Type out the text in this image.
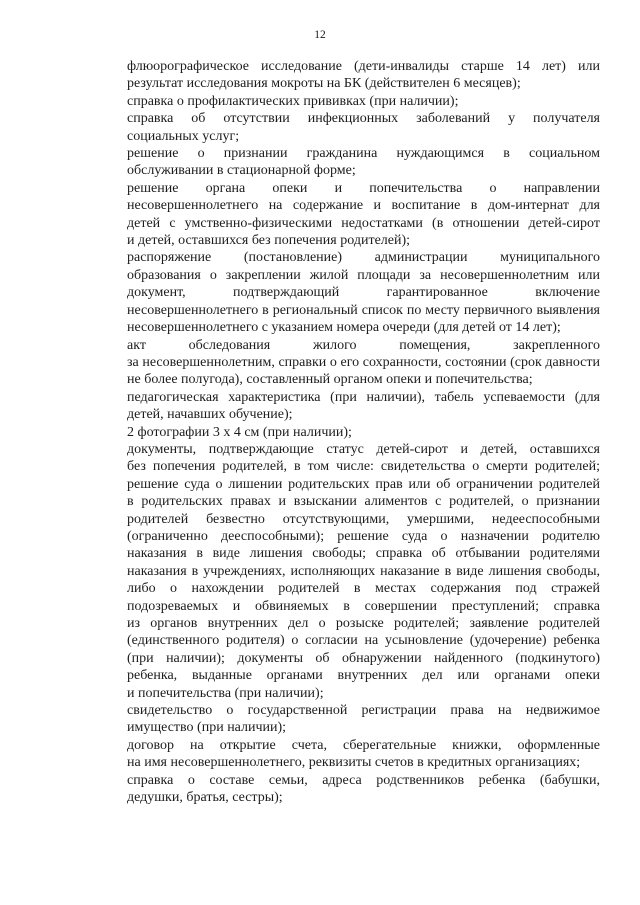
12

флюорографическое исследование (дети-инвалиды старше 14 лет) или
результат исследования мокроты на БК (действителен 6 месяцев);

справка о профилактических прививках (при наличии);

справка об отсутствии инфекционных заболеваний у получателя
социальных услуг;

решение о признании гражданина нуждающимся в социальном
обслуживании в стационарной форме;

решение органа опеки и попечительства о направлении
несовершеннолетнего на содержание и воспитание в дом-интернат для
детей с умственно-физическими недостатками (в отношении детей-сирот
и детей, оставшихся без попечения родителей);

распоряжение (постановление) администрации муниципального
образования о закреплении жилой площади за несовершеннолетним или
документ, подтверждающий гарантированное включение
несовершеннолетнего в региональный список по месту первичного выявления
несовершеннолетнего с указанием номера очереди (для детей от 14 лет);

акт обследования жилого помещения, закрепленного
за несовершеннолетним, справки о его сохранности, состоянии (срок давности
не более полугода), составленный органом опеки и попечительства;

педагогическая характеристика (при наличии), табель успеваемости (для
детей, начавших обучение);

2 фотографии 3 х 4 см (при наличии);

документы, подтверждающие статус детей-сирот и детей, оставшихся
без попечения родителей, в том числе: свидетельства о смерти родителей;
решение суда о лишении родительских прав или об ограничении родителей
в родительских правах и взыскании алиментов с родителей, о признании
родителей безвестно отсутствующими, умершими, недееспособными
(ограниченно дееспособными); решение суда о назначении родителю
наказания в виде лишения свободы; справка об отбывании родителями
наказания в учреждениях, исполняющих наказание в виде лишения свободы,
либо о нахождении родителей в местах содержания под стражей
подозреваемых и обвиняемых в совершении преступлений; справка
из органов внутренних дел о розыске родителей; заявление родителей
(единственного родителя) о согласии на усыновление (удочерение) ребенка
(при наличии); документы об обнаружении найденного (подкинутого)
ребенка, выданные органами внутренних дел или органами опеки
и попечительства (при наличии);

свидетельство о государственной регистрации права на недвижимое
имущество (при наличии);

договор на открытие счета, сберегательные книжки, оформленные
на имя несовершеннолетнего, реквизиты счетов в кредитных организациях;

справка о составе семьи, адреса родственников ребенка (бабушки,
дедушки, братья, сестры);
